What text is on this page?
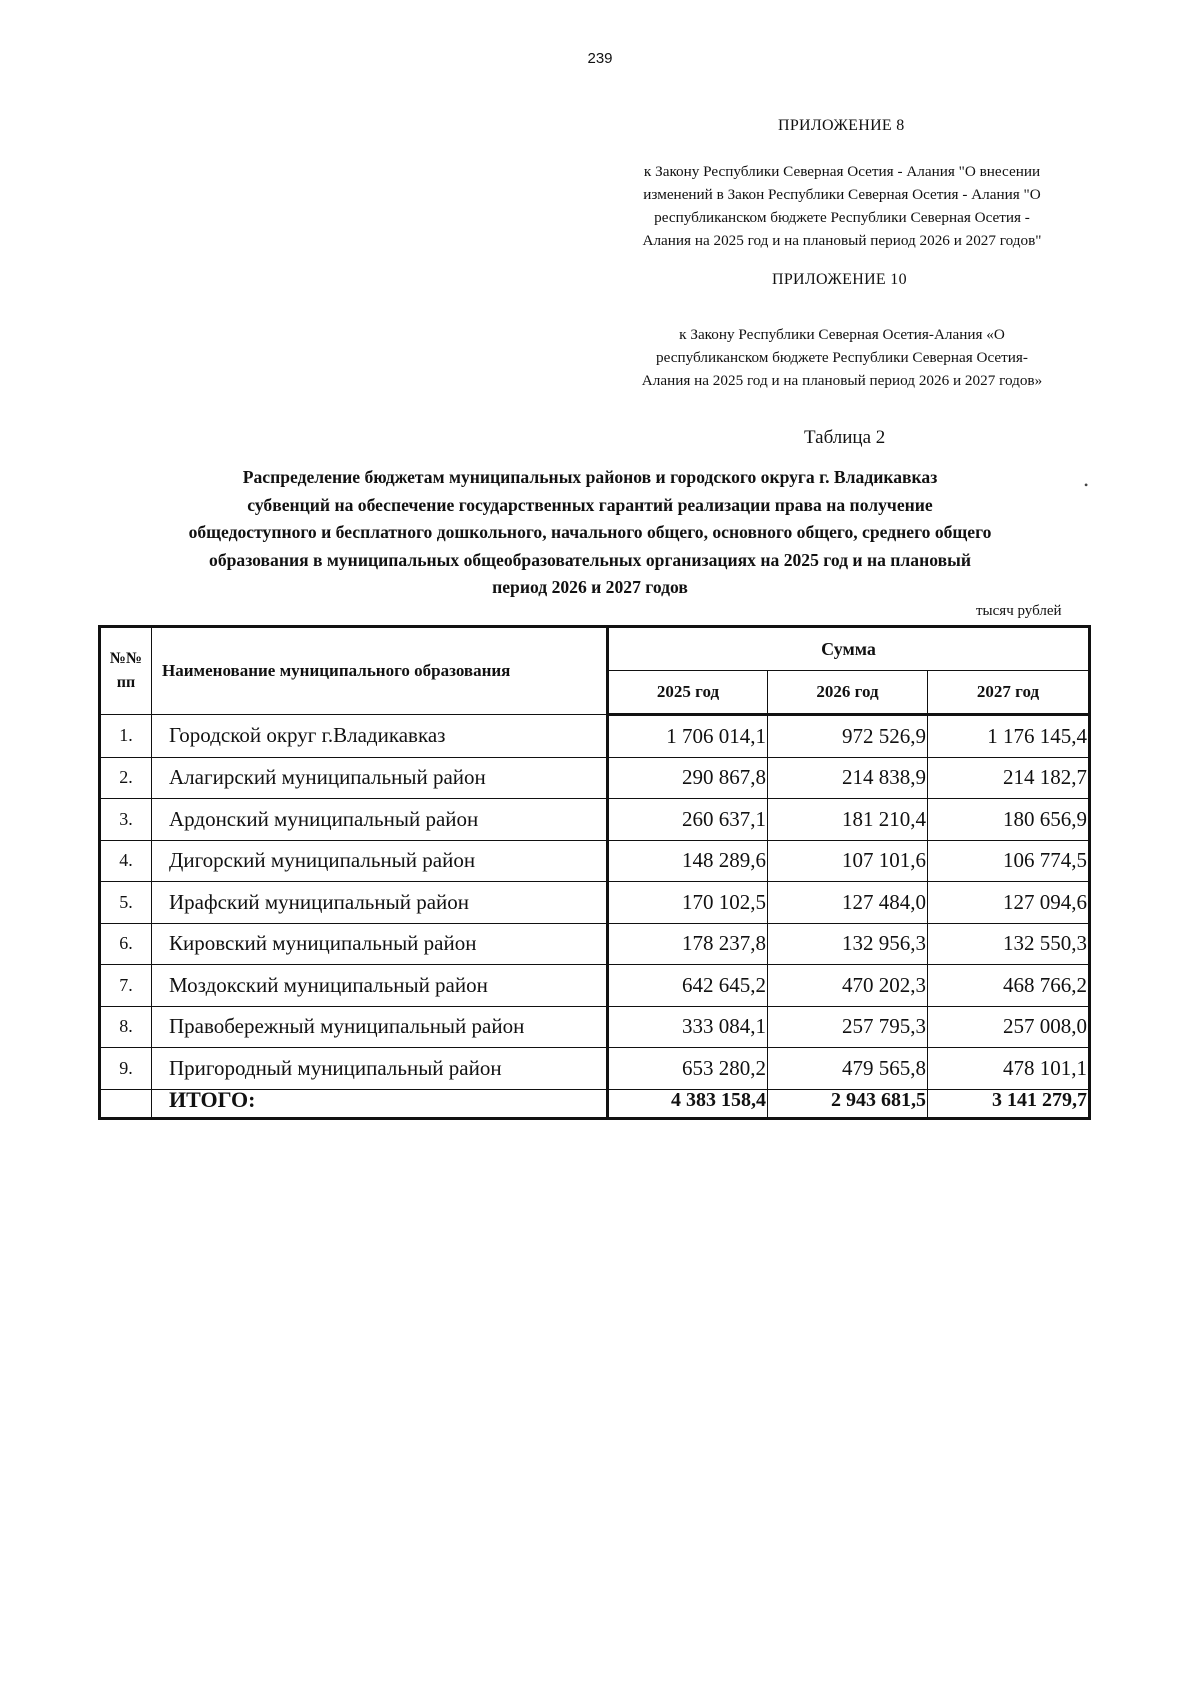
239
ПРИЛОЖЕНИЕ 8
к Закону Республики Северная Осетия - Алания "О внесении
изменений в Закон Республики Северная Осетия - Алания "О
республиканском бюджете Республики Северная Осетия -
Алания на 2025 год и на плановый период 2026 и 2027 годов"
ПРИЛОЖЕНИЕ 10
к Закону Республики Северная Осетия-Алания «О
республиканском бюджете Республики Северная Осетия-
Алания на 2025 год и на плановый период 2026 и 2027 годов»
Таблица 2
Распределение бюджетам муниципальных районов и городского округа г. Владикавказ
субвенций на обеспечение государственных гарантий реализации права на получение
общедоступного и бесплатного дошкольного, начального общего, основного общего, среднего общего
образования в муниципальных общеобразовательных организациях на 2025 год и на плановый
период 2026 и 2027 годов
•
тысяч рублей
№№
пп	Наименование муниципального образования	Сумма		
		2025 год	2026 год	2027 год
1.	Городской округ г.Владикавказ	1 706 014,1	972 526,9	1 176 145,4
2.	Алагирский муниципальный район	290 867,8	214 838,9	214 182,7
3.	Ардонский муниципальный район	260 637,1	181 210,4	180 656,9
4.	Дигорский муниципальный район	148 289,6	107 101,6	106 774,5
5.	Ирафский муниципальный район	170 102,5	127 484,0	127 094,6
6.	Кировский муниципальный район	178 237,8	132 956,3	132 550,3
7.	Моздокский муниципальный район	642 645,2	470 202,3	468 766,2
8.	Правобережный муниципальный район	333 084,1	257 795,3	257 008,0
9.	Пригородный муниципальный район	653 280,2	479 565,8	478 101,1
	ИТОГО:	4 383 158,4	2 943 681,5	3 141 279,7
